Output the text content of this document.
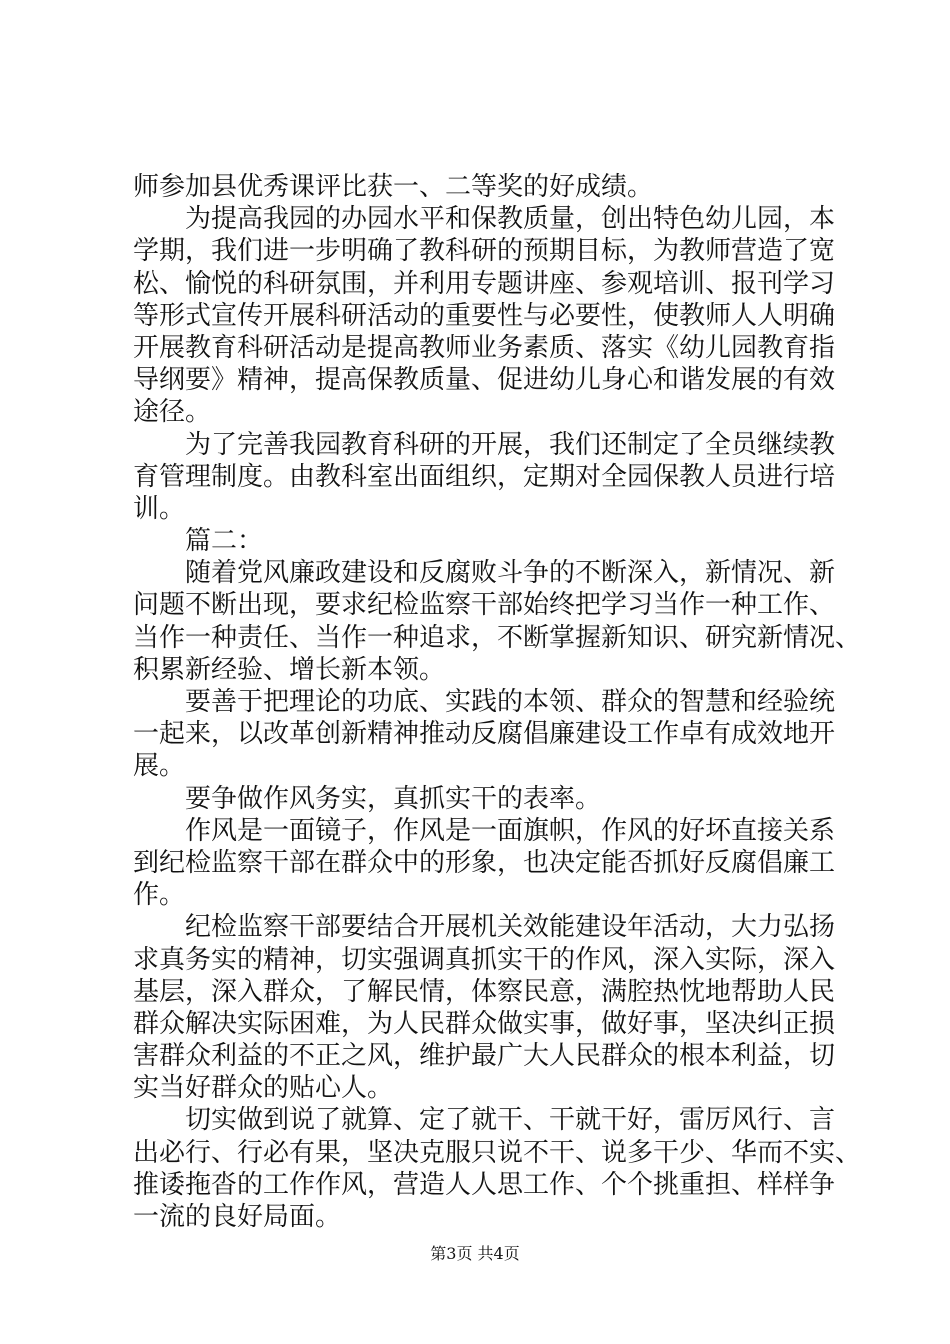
师参加县优秀课评比获一、二等奖的好成绩。
为提高我园的办园水平和保教质量，创出特色幼儿园，本
学期，我们进一步明确了教科研的预期目标，为教师营造了宽
松、愉悦的科研氛围，并利用专题讲座、参观培训、报刊学习
等形式宣传开展科研活动的重要性与必要性，使教师人人明确
开展教育科研活动是提高教师业务素质、落实《幼儿园教育指
导纲要》精神，提高保教质量、促进幼儿身心和谐发展的有效
途径。
为了完善我园教育科研的开展，我们还制定了全员继续教
育管理制度。由教科室出面组织，定期对全园保教人员进行培
训。
篇二：
随着党风廉政建设和反腐败斗争的不断深入，新情况、新
问题不断出现，要求纪检监察干部始终把学习当作一种工作、
当作一种责任、当作一种追求，不断掌握新知识、研究新情况、
积累新经验、增长新本领。
要善于把理论的功底、实践的本领、群众的智慧和经验统
一起来，以改革创新精神推动反腐倡廉建设工作卓有成效地开
展。
要争做作风务实，真抓实干的表率。
作风是一面镜子，作风是一面旗帜，作风的好坏直接关系
到纪检监察干部在群众中的形象，也决定能否抓好反腐倡廉工
作。
纪检监察干部要结合开展机关效能建设年活动，大力弘扬
求真务实的精神，切实强调真抓实干的作风，深入实际，深入
基层，深入群众，了解民情，体察民意，满腔热忱地帮助人民
群众解决实际困难，为人民群众做实事，做好事，坚决纠正损
害群众利益的不正之风，维护最广大人民群众的根本利益，切
实当好群众的贴心人。
切实做到说了就算、定了就干、干就干好，雷厉风行、言
出必行、行必有果，坚决克服只说不干、说多干少、华而不实、
推诿拖沓的工作作风，营造人人思工作、个个挑重担、样样争
一流的良好局面。
第3页 共4页
